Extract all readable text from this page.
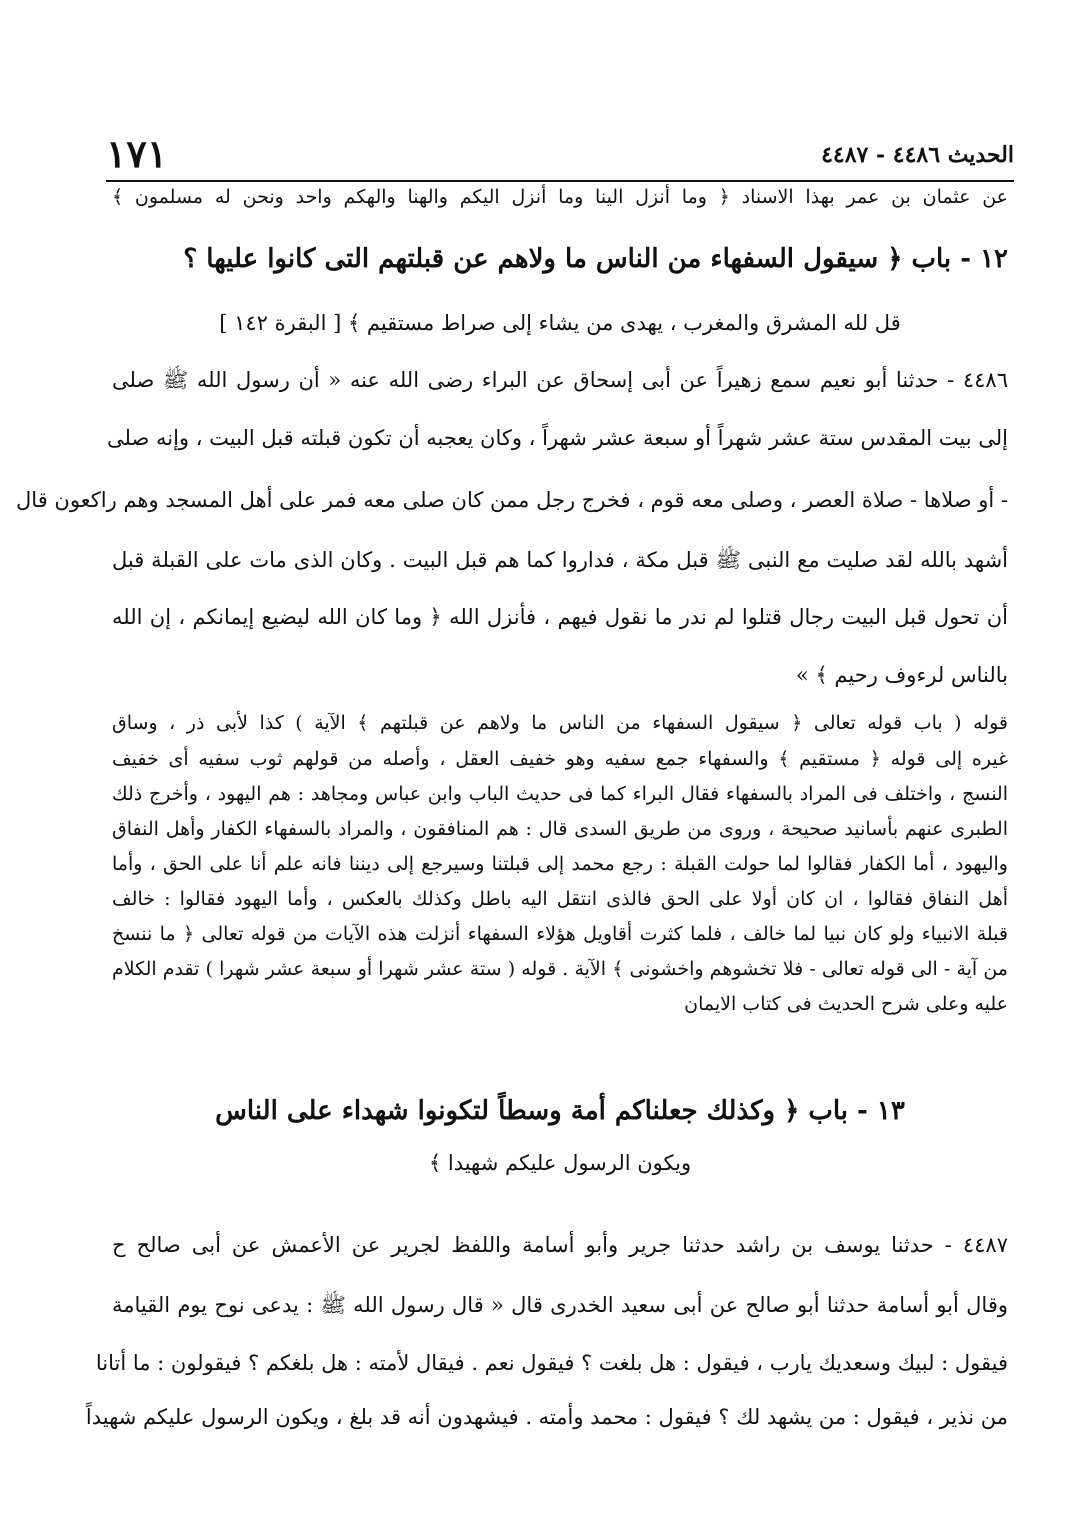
الحديث ٤٤٨٦ - ٤٤٨٧
١٧١
عن عثمان بن عمر بهذا الاسناد ﴿ وما أنزل الينا وما أنزل اليكم والهنا والهكم واحد ونحن له مسلمون ﴾
١٢ - باب ﴿ سيقول السفهاء من الناس ما ولاهم عن قبلتهم التى كانوا عليها ؟
قل لله المشرق والمغرب ، يهدى من يشاء إلى صراط مستقيم ﴾ [ البقرة ١٤٢ ]
٤٤٨٦ - حدثنا أبو نعيم سمع زهيراً عن أبى إسحاق عن البراء رضى الله عنه « أن رسول الله ﷺ صلى
إلى بيت المقدس ستة عشر شهراً أو سبعة عشر شهراً ، وكان يعجبه أن تكون قبلته قبل البيت ، وإنه صلى
- أو صلاها - صلاة العصر ، وصلى معه قوم ، فخرج رجل ممن كان صلى معه فمر على أهل المسجد وهم راكعون قال
أشهد بالله لقد صليت مع النبى ﷺ قبل مكة ، فداروا كما هم قبل البيت . وكان الذى مات على القبلة قبل
أن تحول قبل البيت رجال قتلوا لم ندر ما نقول فيهم ، فأنزل الله ﴿ وما كان الله ليضيع إيمانكم ، إن الله
بالناس لرءوف رحيم ﴾ »
قوله ( باب قوله تعالى ﴿ سيقول السفهاء من الناس ما ولاهم عن قبلتهم ﴾ الآية ) كذا لأبى ذر ، وساق
غيره إلى قوله ﴿ مستقيم ﴾ والسفهاء جمع سفيه وهو خفيف العقل ، وأصله من قولهم ثوب سفيه أى خفيف
النسج ، واختلف فى المراد بالسفهاء فقال البراء كما فى حديث الباب وابن عباس ومجاهد : هم اليهود ، وأخرج ذلك
الطبرى عنهم بأسانيد صحيحة ، وروى من طريق السدى قال : هم المنافقون ، والمراد بالسفهاء الكفار وأهل النفاق
واليهود ، أما الكفار فقالوا لما حولت القبلة : رجع محمد إلى قبلتنا وسيرجع إلى ديننا فانه علم أنا على الحق ، وأما
أهل النفاق فقالوا ، ان كان أولا على الحق فالذى انتقل اليه باطل وكذلك بالعكس ، وأما اليهود فقالوا : خالف
قبلة الانبياء ولو كان نبيا لما خالف ، فلما كثرت أقاويل هؤلاء السفهاء أنزلت هذه الآيات من قوله تعالى ﴿ ما ننسخ
من آية - الى قوله تعالى - فلا تخشوهم واخشونى ﴾ الآية . قوله ( ستة عشر شهرا أو سبعة عشر شهرا ) تقدم الكلام
عليه وعلى شرح الحديث فى كتاب الايمان
١٣ - باب ﴿ وكذلك جعلناكم أمة وسطاً لتكونوا شهداء على الناس
ويكون الرسول عليكم شهيدا ﴾
٤٤٨٧ - حدثنا يوسف بن راشد حدثنا جرير وأبو أسامة واللفظ لجرير عن الأعمش عن أبى صالح ح
وقال أبو أسامة حدثنا أبو صالح عن أبى سعيد الخدرى قال « قال رسول الله ﷺ : يدعى نوح يوم القيامة
فيقول : لبيك وسعديك يارب ، فيقول : هل بلغت ؟ فيقول نعم . فيقال لأمته : هل بلغكم ؟ فيقولون : ما أتانا
من نذير ، فيقول : من يشهد لك ؟ فيقول : محمد وأمته . فيشهدون أنه قد بلغ ، ويكون الرسول عليكم شهيداً
